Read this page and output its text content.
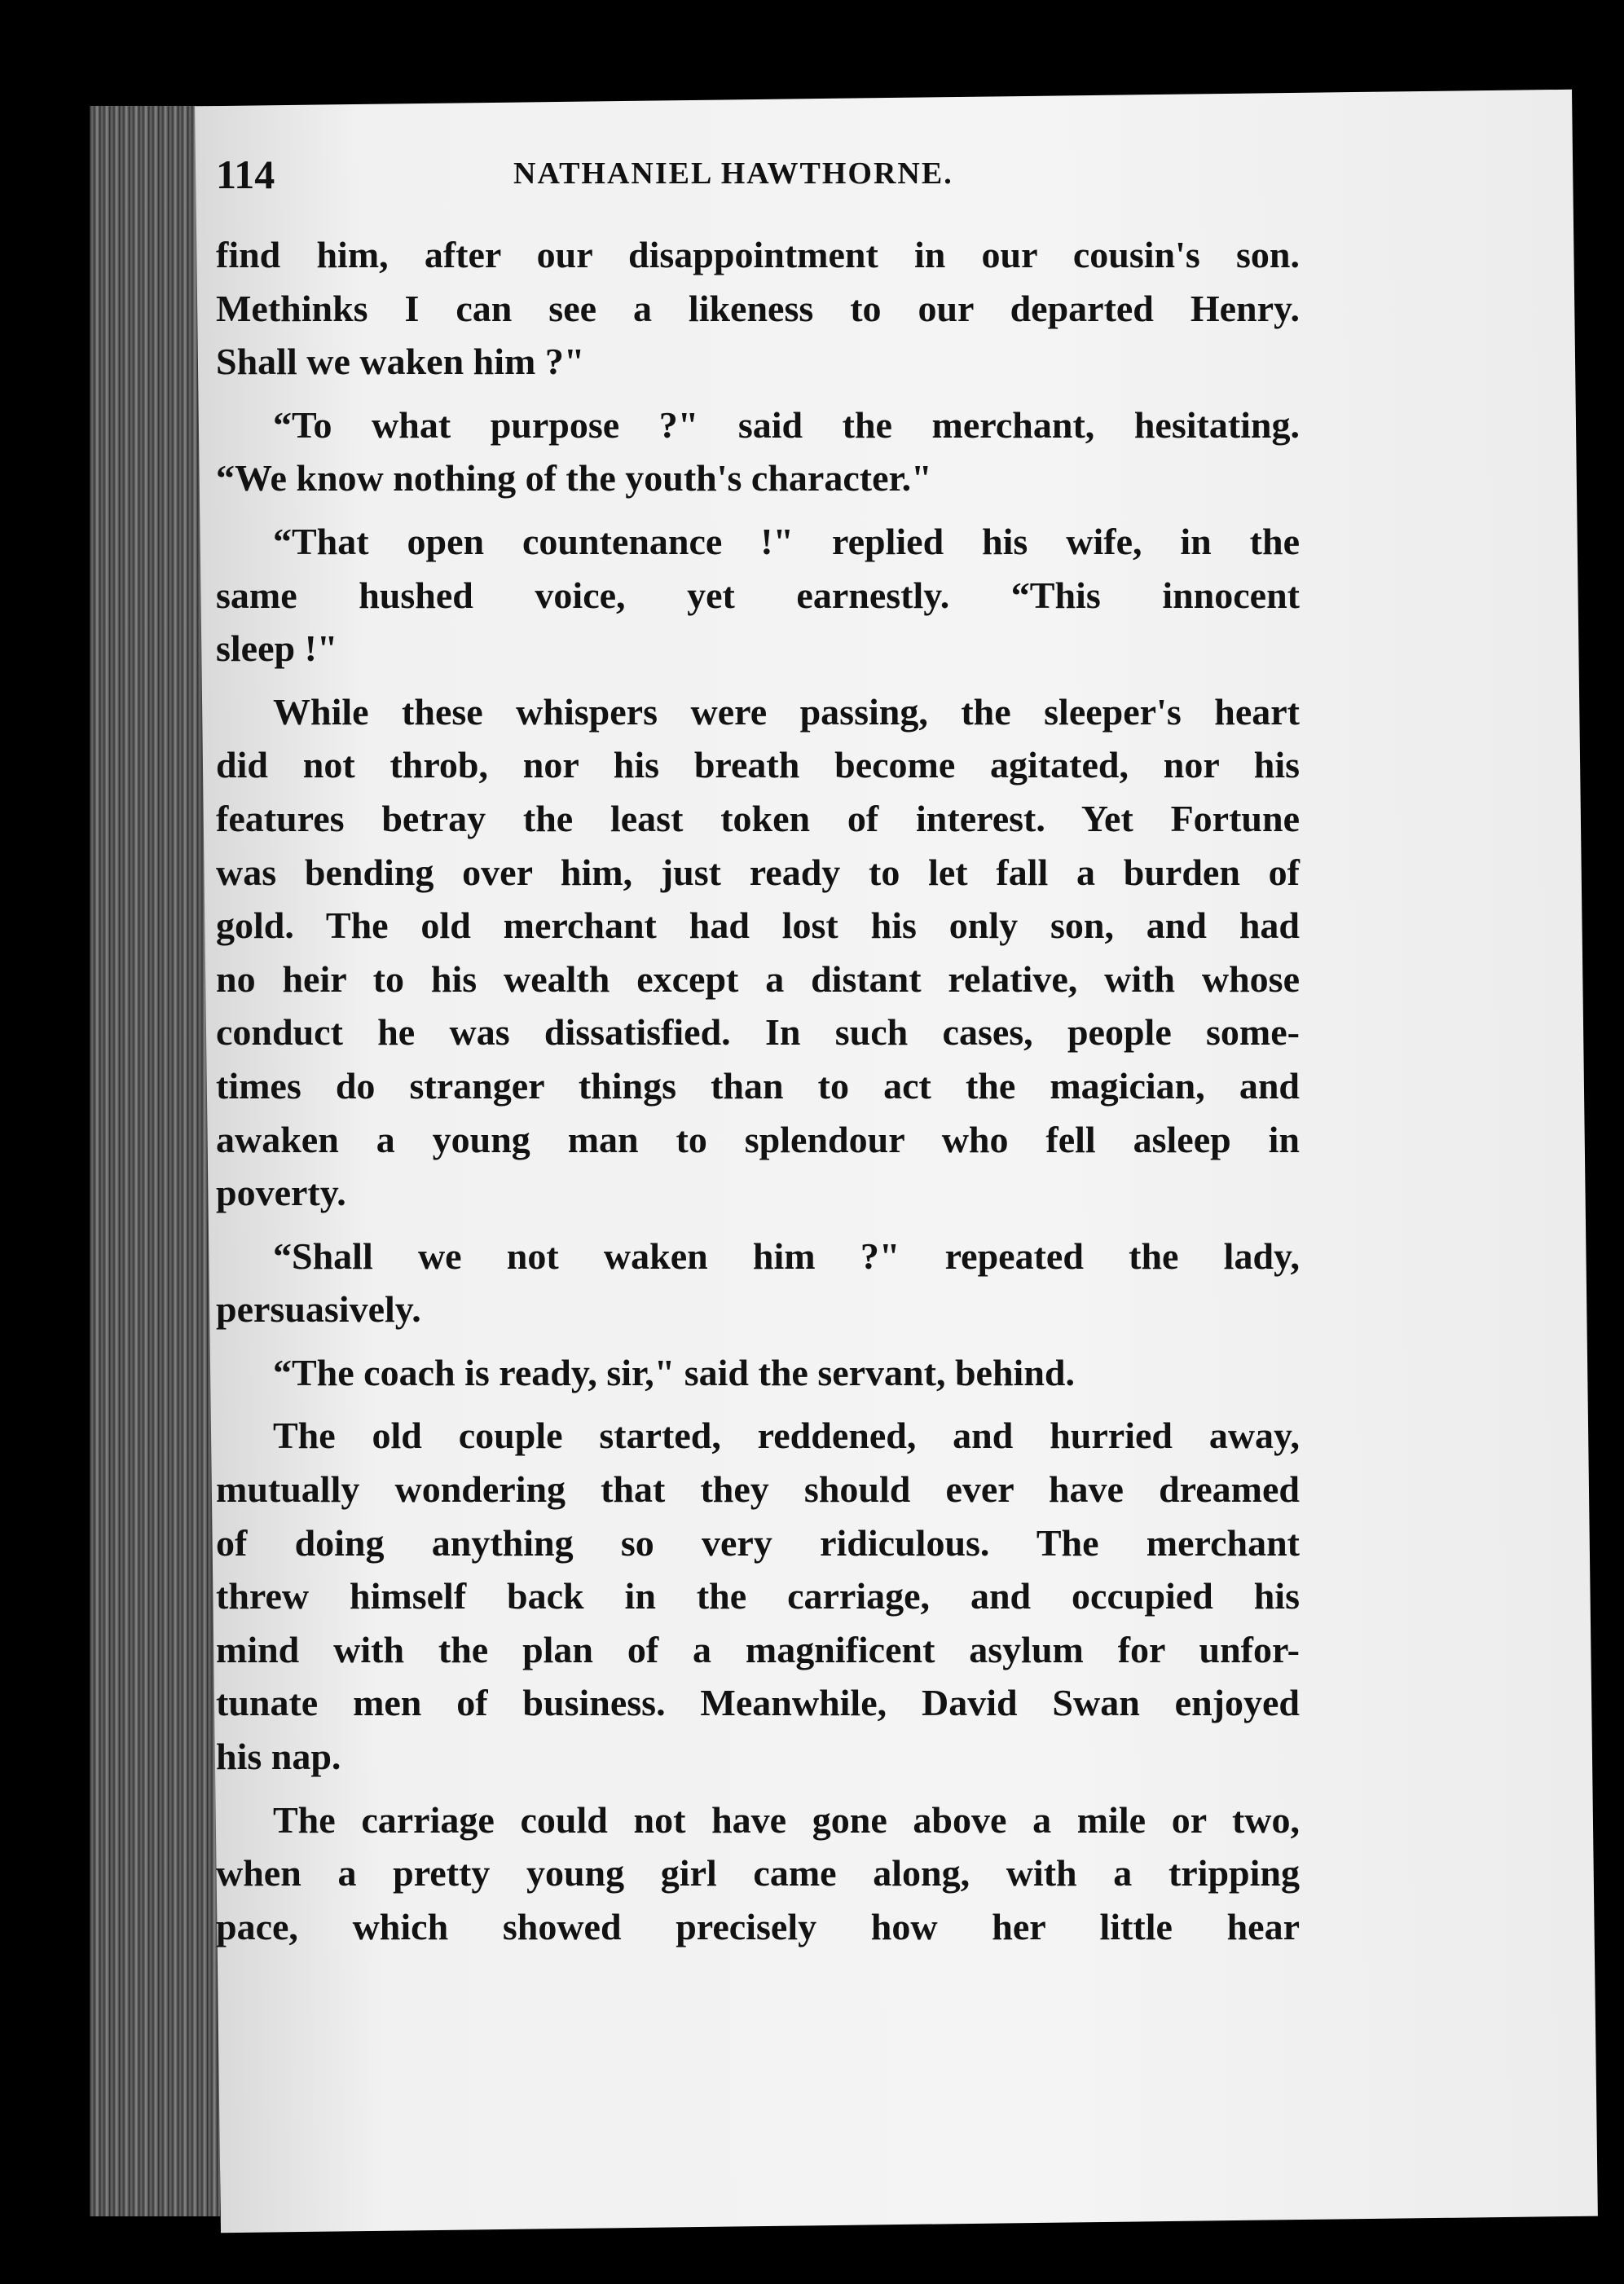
114	NATHANIEL HAWTHORNE.
find him, after our disappointment in our cousin's son.
Methinks I can see a likeness to our departed Henry.
Shall we waken him ?"
“To what purpose ?" said the merchant, hesitating.
“We know nothing of the youth's character."
“That open countenance !" replied his wife, in the
same hushed voice, yet earnestly. “This innocent
sleep !"
While these whispers were passing, the sleeper's heart
did not throb, nor his breath become agitated, nor his
features betray the least token of interest. Yet Fortune
was bending over him, just ready to let fall a burden of
gold. The old merchant had lost his only son, and had
no heir to his wealth except a distant relative, with whose
conduct he was dissatisfied. In such cases, people some-
times do stranger things than to act the magician, and
awaken a young man to splendour who fell asleep in
poverty.
“Shall we not waken him ?" repeated the lady,
persuasively.
“The coach is ready, sir," said the servant, behind.
The old couple started, reddened, and hurried away,
mutually wondering that they should ever have dreamed
of doing anything so very ridiculous. The merchant
threw himself back in the carriage, and occupied his
mind with the plan of a magnificent asylum for unfor-
tunate men of business. Meanwhile, David Swan enjoyed
his nap.
The carriage could not have gone above a mile or two,
when a pretty young girl came along, with a tripping
pace, which showed precisely how her little hear
